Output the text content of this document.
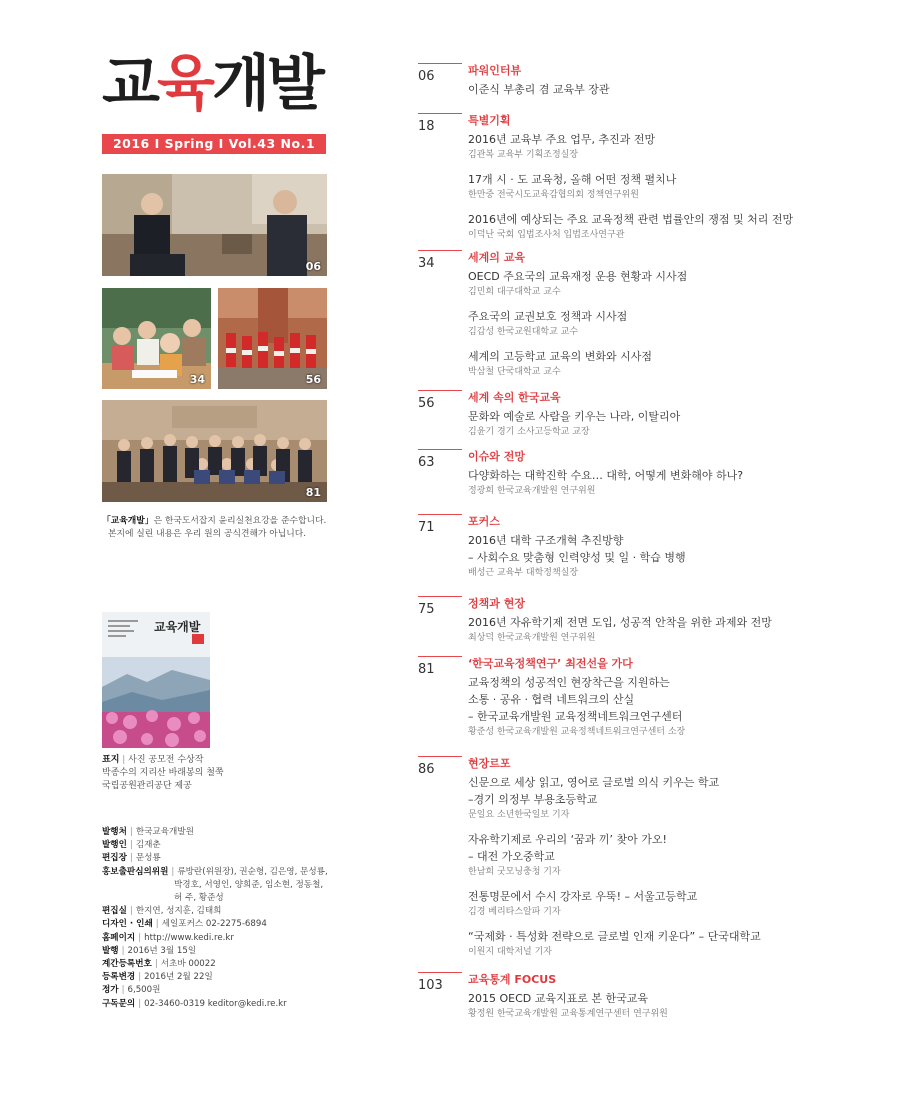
교육개발
2016 I Spring I Vol.43 No.1
06
34	56
81
「교육개발」은 한국도서잡지 윤리실천요강을 준수합니다.
본지에 실린 내용은 우리 원의 공식견해가 아닙니다.
교육개발
표지 | 사진 공모전 수상작
박종수의 지리산 바래봉의 철쭉
국립공원관리공단 제공
발행처 | 한국교육개발원
발행인 | 김재춘
편집장 | 문성룡
홍보출판심의위원 | 류방란(위원장), 권순형, 김은영, 문성룡,
박경호, 서영인, 양희준, 임소현, 정동철,
허 주, 황준성
편집실 | 한지연, 성지훈, 김태희
디자인 · 인쇄 | 세일포커스 02-2275-6894
홈페이지 | http://www.kedi.re.kr
발행 | 2016년 3월 15일
계간등록번호 | 서초바 00022
등록변경 | 2016년 2월 22일
정가 | 6,500원
구독문의 | 02-3460-0319 keditor@kedi.re.kr
06	파워인터뷰
이준식 부총리 겸 교육부 장관
18	특별기획
2016년 교육부 주요 업무, 추진과 전망
김관복 교육부 기획조정실장
17개 시 · 도 교육청, 올해 어떤 정책 펼치나
한만중 전국시도교육감협의회 정책연구위원
2016년에 예상되는 주요 교육정책 관련 법률안의 쟁점 및 처리 전망
이덕난 국회 입법조사처 입법조사연구관
34	세계의 교육
OECD 주요국의 교육재정 운용 현황과 시사점
김민희 대구대학교 교수
주요국의 교권보호 정책과 시사점
김갑성 한국교원대학교 교수
세계의 고등학교 교육의 변화와 시사점
박삼철 단국대학교 교수
56	세계 속의 한국교육
문화와 예술로 사람을 키우는 나라, 이탈리아
김윤기 경기 소사고등학교 교장
63	이슈와 전망
다양화하는 대학진학 수요… 대학, 어떻게 변화해야 하나?
정광희 한국교육개발원 연구위원
71	포커스
2016년 대학 구조개혁 추진방향
– 사회수요 맞춤형 인력양성 및 일 · 학습 병행
배성근 교육부 대학정책실장
75	정책과 현장
2016년 자유학기제 전면 도입, 성공적 안착을 위한 과제와 전망
최상덕 한국교육개발원 연구위원
81	‘한국교육정책연구’ 최전선을 가다
교육정책의 성공적인 현장착근을 지원하는
소통 · 공유 · 협력 네트워크의 산실
– 한국교육개발원 교육정책네트워크연구센터
황준성 한국교육개발원 교육정책네트워크연구센터 소장
86	현장르포
신문으로 세상 읽고, 영어로 글로벌 의식 키우는 학교
–경기 의정부 부용초등학교
문일요 소년한국일보 기자
자유학기제로 우리의 ‘꿈과 끼’ 찾아 가오!
– 대전 가오중학교
한남희 굿모닝충청 기자
전통명문에서 수시 강자로 우뚝! – 서울고등학교
김경 베리타스알파 기자
“국제화 · 특성화 전략으로 글로벌 인재 키운다” – 단국대학교
이원지 대학저널 기자
103 교육통계 FOCUS
2015 OECD 교육지표로 본 한국교육
황정원 한국교육개발원 교육통계연구센터 연구위원
